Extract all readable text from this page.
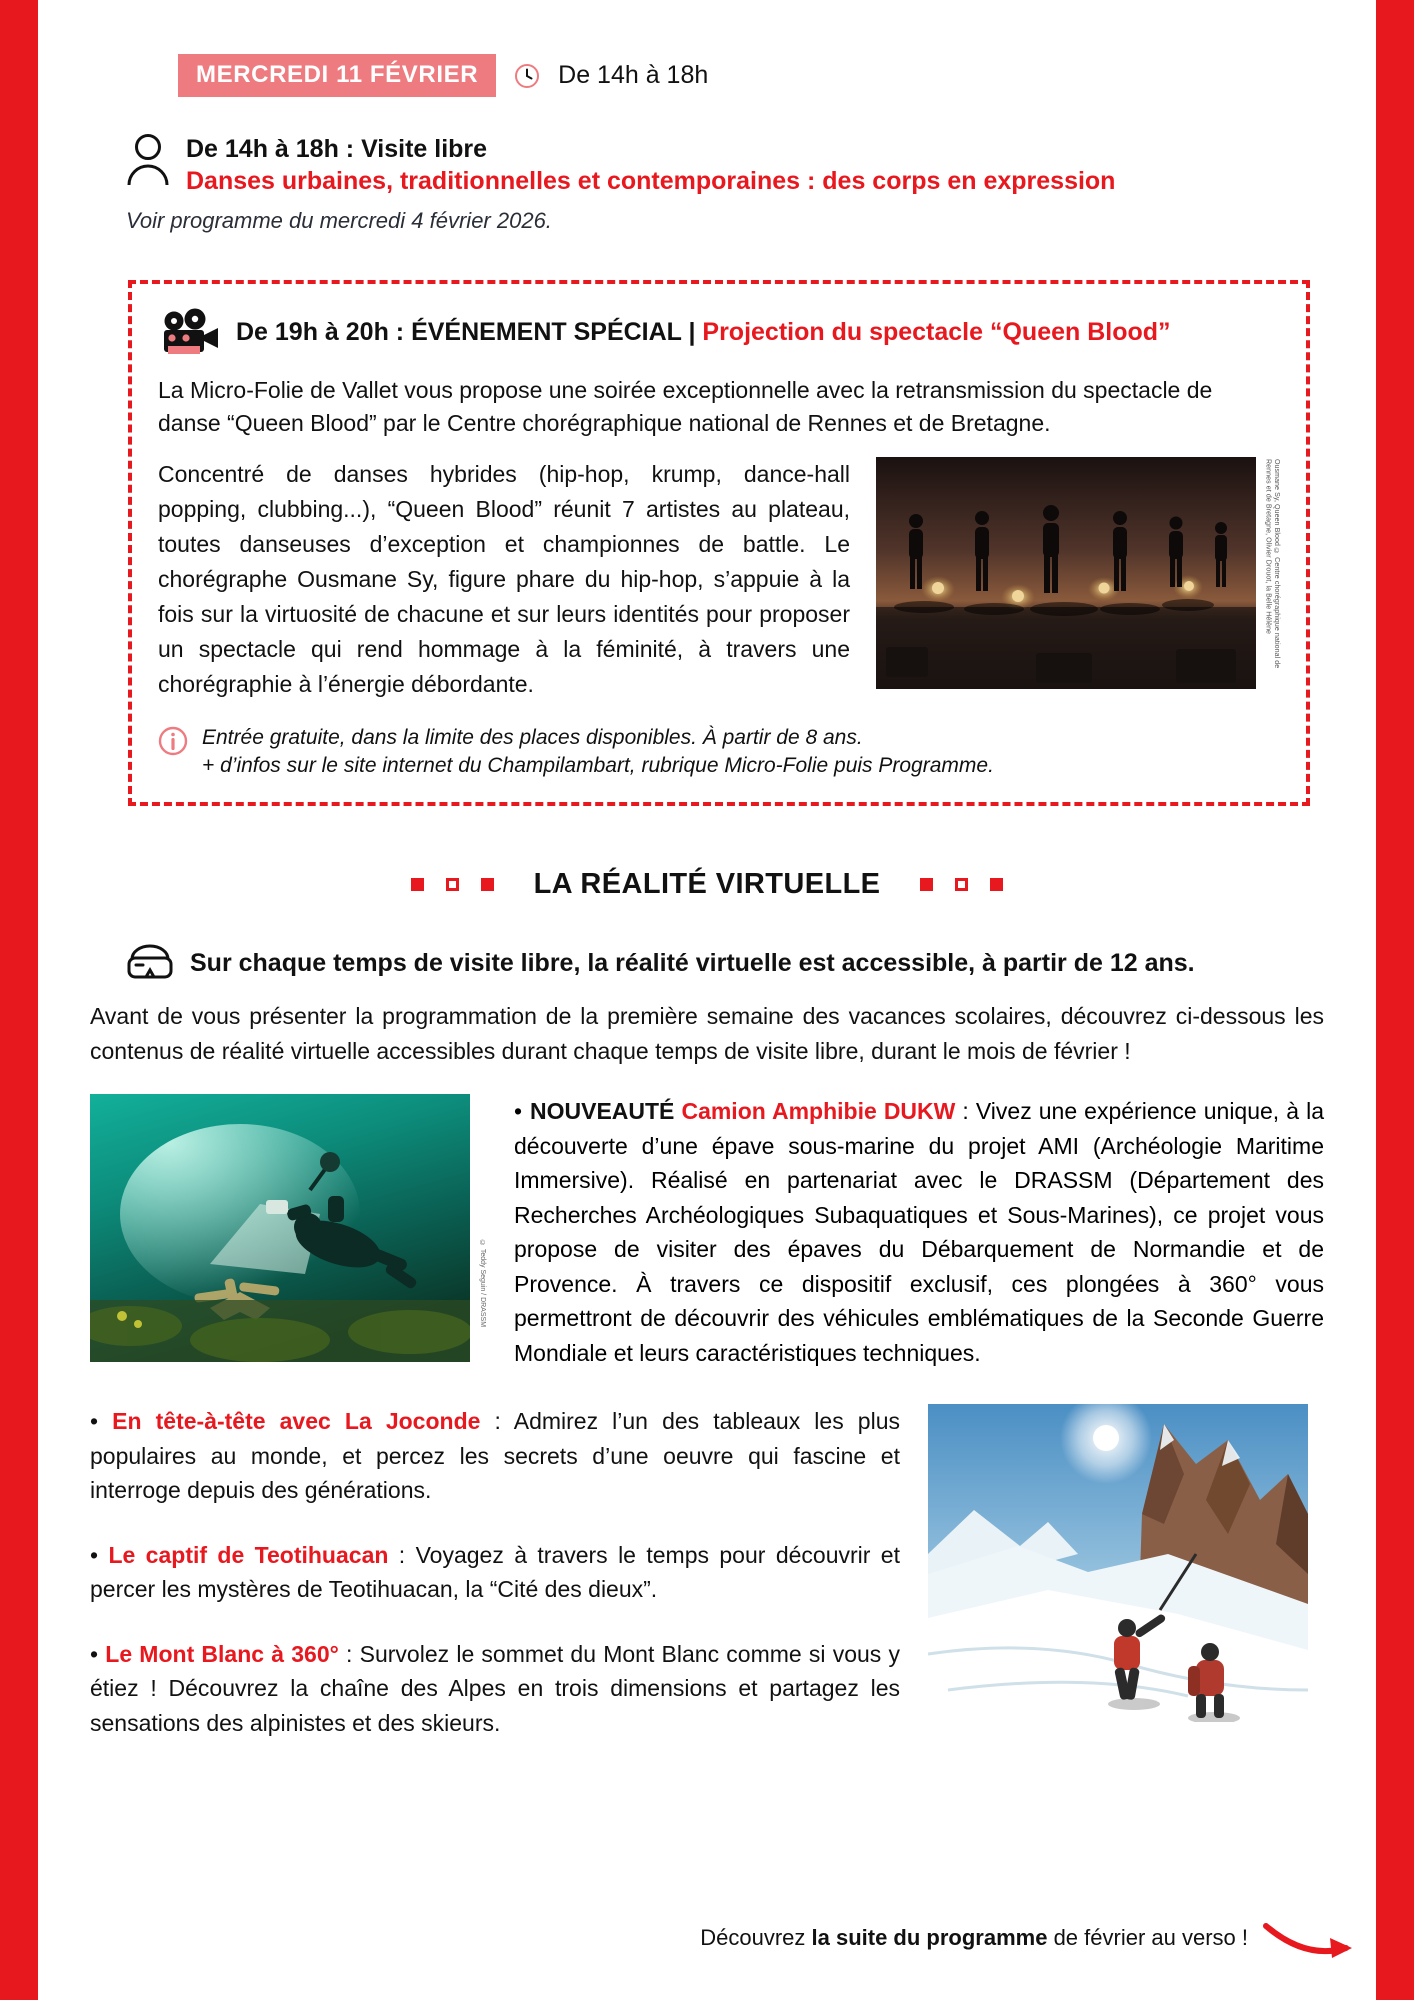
MERCREDI 11 FÉVRIER	De 14h à 18h
De 14h à 18h : Visite libre
Danses urbaines, traditionnelles et contemporaines : des corps en expression
Voir programme du mercredi 4 février 2026.
De 19h à 20h : ÉVÉNEMENT SPÉCIAL | Projection du spectacle “Queen Blood”
La Micro-Folie de Vallet vous propose une soirée exceptionnelle avec la retransmission du spectacle de danse “Queen Blood” par le Centre chorégraphique national de Rennes et de Bretagne.
Concentré de danses hybrides (hip-hop, krump, dance-hall popping, clubbing...), “Queen Blood” réunit 7 artistes au plateau, toutes danseuses d’exception et championnes de battle. Le chorégraphe Ousmane Sy, figure phare du hip-hop, s’appuie à la fois sur la virtuosité de chacune et sur leurs identités pour proposer un spectacle qui rend hommage à la féminité, à travers une chorégraphie à l’énergie débordante.
Ousmane Sy, Queen Blood © Centre chorégraphique national de Rennes et de Bretagne, Olivier Drouot, la Belle Hélène
Entrée gratuite, dans la limite des places disponibles. À partir de 8 ans.
+ d’infos sur le site internet du Champilambart, rubrique Micro-Folie puis Programme.
LA RÉALITÉ VIRTUELLE
Sur chaque temps de visite libre, la réalité virtuelle est accessible, à partir de 12 ans.
Avant de vous présenter la programmation de la première semaine des vacances scolaires, découvrez ci-dessous les contenus de réalité virtuelle accessibles durant chaque temps de visite libre, durant le mois de février !
© Teddy Seguin / DRASSM
• NOUVEAUTÉ Camion Amphibie DUKW : Vivez une expérience unique, à la découverte d’une épave sous-marine du projet AMI (Archéologie Maritime Immersive). Réalisé en partenariat avec le DRASSM (Département des Recherches Archéologiques Subaquatiques et Sous-Marines), ce projet vous propose de visiter des épaves du Débarquement de Normandie et de Provence. À travers ce dispositif exclusif, ces plongées à 360° vous permettront de découvrir des véhicules emblématiques de la Seconde Guerre Mondiale et leurs caractéristiques techniques.
• En tête-à-tête avec La Joconde : Admirez l’un des tableaux les plus populaires au monde, et percez les secrets d’une oeuvre qui fascine et interroge depuis des générations.
• Le captif de Teotihuacan : Voyagez à travers le temps pour découvrir et percer les mystères de Teotihuacan, la “Cité des dieux”.
• Le Mont Blanc à 360° : Survolez le sommet du Mont Blanc comme si vous y étiez ! Découvrez la chaîne des Alpes en trois dimensions et partagez les sensations des alpinistes et des skieurs.
Découvrez la suite du programme de février au verso !
